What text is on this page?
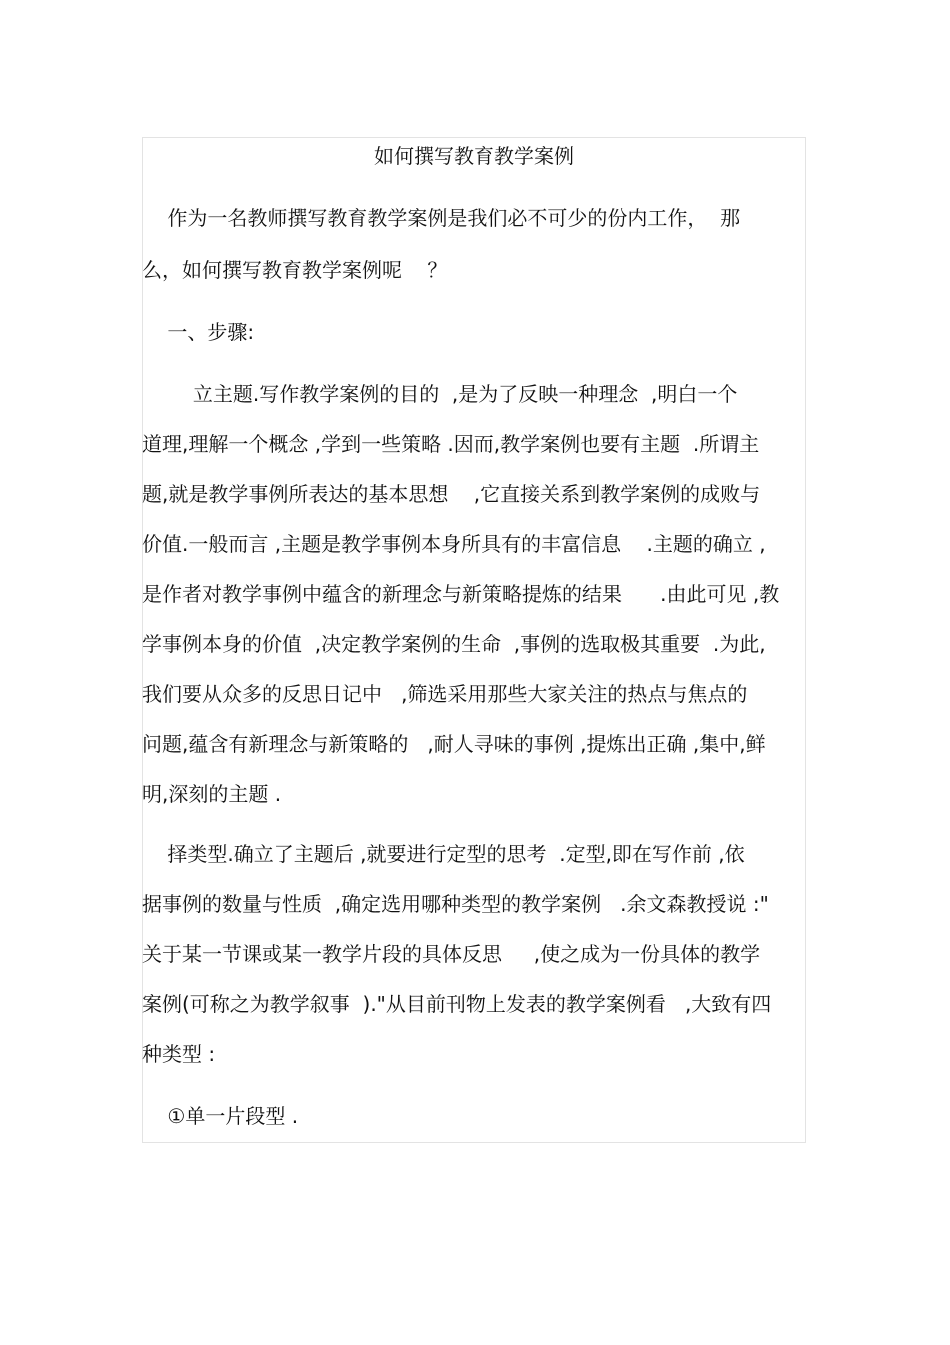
如何撰写教育教学案例
作为一名教师撰写教育教学案例是我们必不可少的份内工作，  那
么，如何撰写教育教学案例呢    ？
一、步骤:
立主题.写作教学案例的目的  ,是为了反映一种理念  ,明白一个
道理,理解一个概念 ,学到一些策略 .因而,教学案例也要有主题  .所谓主
题,就是教学事例所表达的基本思想    ,它直接关系到教学案例的成败与
价值.一般而言 ,主题是教学事例本身所具有的丰富信息    .主题的确立 ,
是作者对教学事例中蕴含的新理念与新策略提炼的结果      .由此可见 ,教
学事例本身的价值  ,决定教学案例的生命  ,事例的选取极其重要  .为此,
我们要从众多的反思日记中   ,筛选采用那些大家关注的热点与焦点的
问题,蕴含有新理念与新策略的   ,耐人寻味的事例 ,提炼出正确 ,集中,鲜
明,深刻的主题 .
择类型.确立了主题后 ,就要进行定型的思考  .定型,即在写作前 ,依
据事例的数量与性质  ,确定选用哪种类型的教学案例   .余文森教授说 :"
关于某一节课或某一教学片段的具体反思     ,使之成为一份具体的教学
案例(可称之为教学叙事  )."从目前刊物上发表的教学案例看   ,大致有四
种类型 :
①单一片段型 .
